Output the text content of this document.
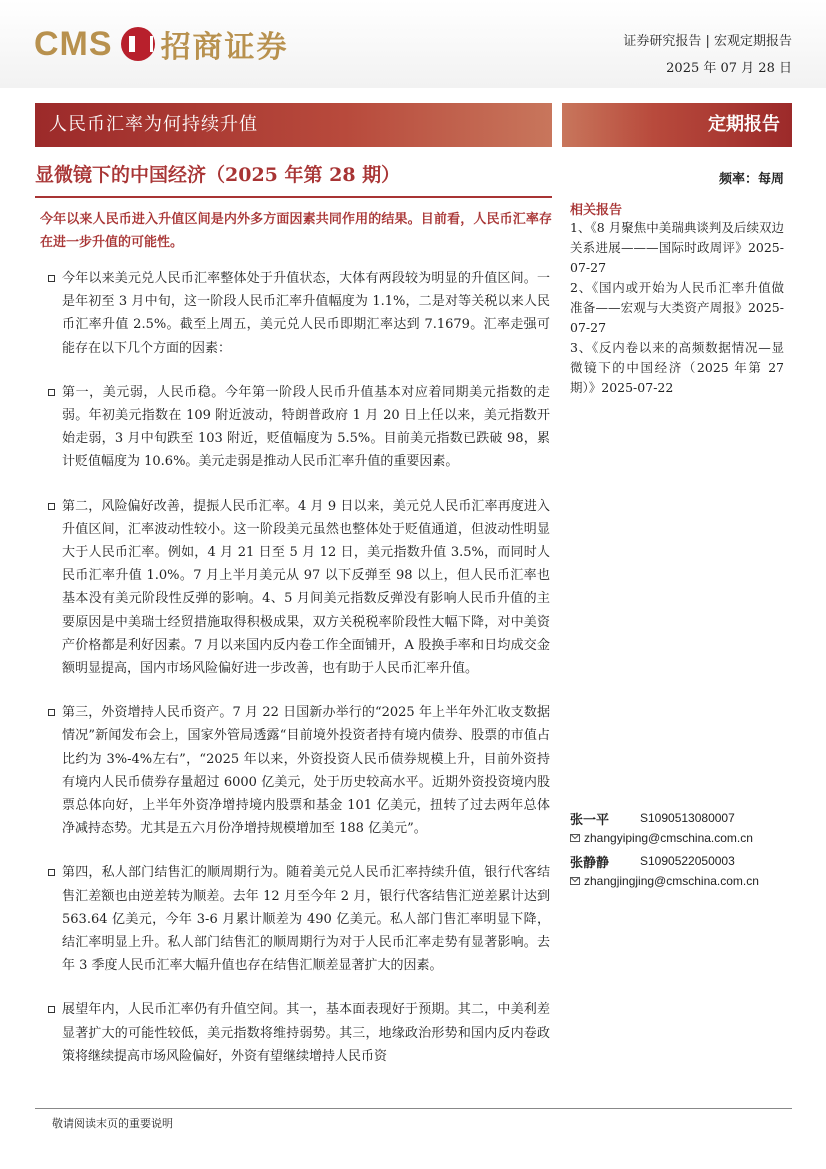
CMS 招商证券	证券研究报告 | 宏观定期报告
2025 年 07 月 28 日
人民币汇率为何持续升值	定期报告
显微镜下的中国经济（2025 年第 28 期）	频率：每周
今年以来人民币进入升值区间是内外多方面因素共同作用的结果。目前看，人民币汇率存在进一步升值的可能性。
今年以来美元兑人民币汇率整体处于升值状态，大体有两段较为明显的升值区间。一是年初至 3 月中旬，这一阶段人民币汇率升值幅度为 1.1%，二是对等关税以来人民币汇率升值 2.5%。截至上周五，美元兑人民币即期汇率达到 7.1679。汇率走强可能存在以下几个方面的因素：
第一，美元弱，人民币稳。今年第一阶段人民币升值基本对应着同期美元指数的走弱。年初美元指数在 109 附近波动，特朗普政府 1 月 20 日上任以来，美元指数开始走弱，3 月中旬跌至 103 附近，贬值幅度为 5.5%。目前美元指数已跌破 98，累计贬值幅度为 10.6%。美元走弱是推动人民币汇率升值的重要因素。
第二，风险偏好改善，提振人民币汇率。4 月 9 日以来，美元兑人民币汇率再度进入升值区间，汇率波动性较小。这一阶段美元虽然也整体处于贬值通道，但波动性明显大于人民币汇率。例如，4 月 21 日至 5 月 12 日，美元指数升值 3.5%，而同时人民币汇率升值 1.0%。7 月上半月美元从 97 以下反弹至 98 以上，但人民币汇率也基本没有美元阶段性反弹的影响。4、5 月间美元指数反弹没有影响人民币升值的主要原因是中美瑞士经贸措施取得积极成果，双方关税税率阶段性大幅下降，对中美资产价格都是利好因素。7 月以来国内反内卷工作全面铺开，A 股换手率和日均成交金额明显提高，国内市场风险偏好进一步改善，也有助于人民币汇率升值。
第三，外资增持人民币资产。7 月 22 日国新办举行的“2025 年上半年外汇收支数据情况”新闻发布会上，国家外管局透露“目前境外投资者持有境内债券、股票的市值占比约为 3%-4%左右”，“2025 年以来，外资投资人民币债券规模上升，目前外资持有境内人民币债券存量超过 6000 亿美元，处于历史较高水平。近期外资投资境内股票总体向好，上半年外资净增持境内股票和基金 101 亿美元，扭转了过去两年总体净减持态势。尤其是五六月份净增持规模增加至 188 亿美元”。
第四，私人部门结售汇的顺周期行为。随着美元兑人民币汇率持续升值，银行代客结售汇差额也由逆差转为顺差。去年 12 月至今年 2 月，银行代客结售汇逆差累计达到 563.64 亿美元，今年 3-6 月累计顺差为 490 亿美元。私人部门售汇率明显下降，结汇率明显上升。私人部门结售汇的顺周期行为对于人民币汇率走势有显著影响。去年 3 季度人民币汇率大幅升值也存在结售汇顺差显著扩大的因素。
展望年内，人民币汇率仍有升值空间。其一，基本面表现好于预期。其二，中美利差显著扩大的可能性较低，美元指数将维持弱势。其三，地缘政治形势和国内反内卷政策将继续提高市场风险偏好，外资有望继续增持人民币资
相关报告
1、《8 月聚焦中美瑞典谈判及后续双边关系进展———国际时政周评》2025-07-27
2、《国内或开始为人民币汇率升值做准备——宏观与大类资产周报》2025-07-27
3、《反内卷以来的高频数据情况—显微镜下的中国经济（2025 年第 27 期）》2025-07-22
张一平	S1090513080007
zhangyiping@cmschina.com.cn
张静静	S1090522050003
zhangjingjing@cmschina.com.cn
敬请阅读末页的重要说明
